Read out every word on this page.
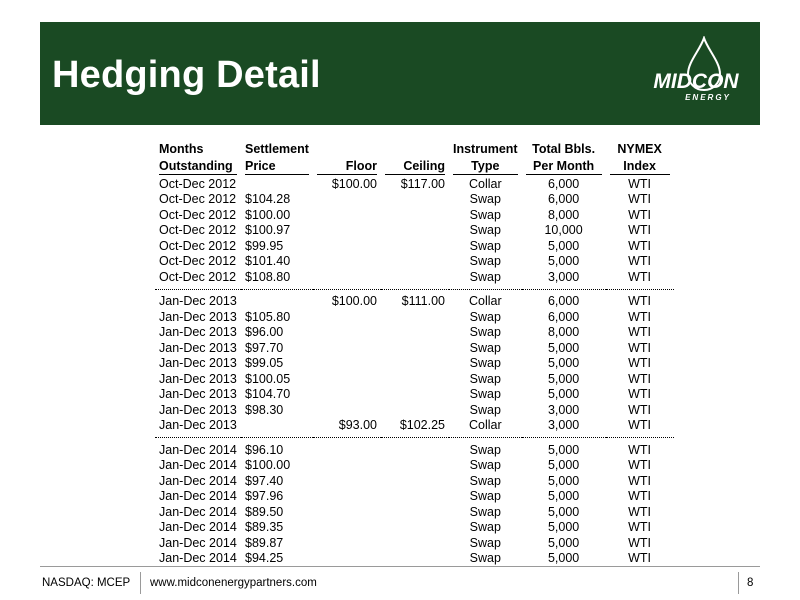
Hedging Detail	MIDCON
ENERGY
Months	Settlement			Instrument	Total Bbls.	NYMEX

Outstanding	Price	Floor	Ceiling	Type	Per Month	Index

Oct-Dec 2012		$100.00	$117.00	Collar	6,000	WTI
Oct-Dec 2012	$104.28			Swap	6,000	WTI
Oct-Dec 2012	$100.00			Swap	8,000	WTI
Oct-Dec 2012	$100.97			Swap	10,000	WTI
Oct-Dec 2012	$99.95			Swap	5,000	WTI
Oct-Dec 2012	$101.40			Swap	5,000	WTI
Oct-Dec 2012	$108.80			Swap	3,000	WTI

Jan-Dec 2013		$100.00	$111.00	Collar	6,000	WTI
Jan-Dec 2013	$105.80			Swap	6,000	WTI
Jan-Dec 2013	$96.00			Swap	8,000	WTI
Jan-Dec 2013	$97.70			Swap	5,000	WTI
Jan-Dec 2013	$99.05			Swap	5,000	WTI
Jan-Dec 2013	$100.05			Swap	5,000	WTI
Jan-Dec 2013	$104.70			Swap	5,000	WTI
Jan-Dec 2013	$98.30			Swap	3,000	WTI
Jan-Dec 2013		$93.00	$102.25	Collar	3,000	WTI

Jan-Dec 2014	$96.10			Swap	5,000	WTI
Jan-Dec 2014	$100.00			Swap	5,000	WTI
Jan-Dec 2014	$97.40			Swap	5,000	WTI
Jan-Dec 2014	$97.96			Swap	5,000	WTI
Jan-Dec 2014	$89.50			Swap	5,000	WTI
Jan-Dec 2014	$89.35			Swap	5,000	WTI
Jan-Dec 2014	$89.87			Swap	5,000	WTI
Jan-Dec 2014	$94.25			Swap	5,000	WTI
NASDAQ: MCEP www.midconenergypartners.com	8
